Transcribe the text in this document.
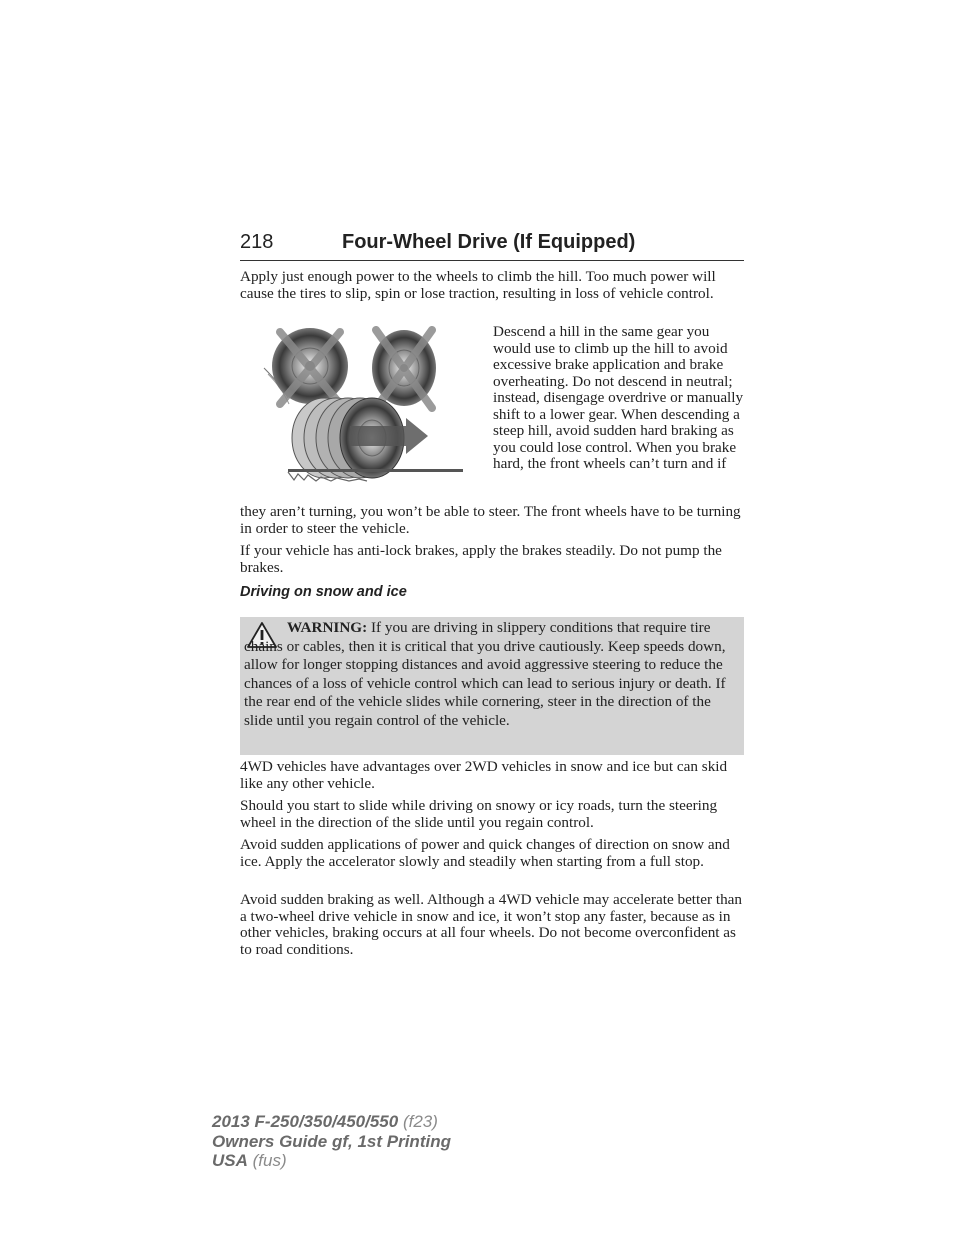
218	Four-Wheel Drive (If Equipped)

Apply just enough power to the wheels to climb the hill. Too much power will cause the tires to slip, spin or lose traction, resulting in loss of vehicle control.

Descend a hill in the same gear you would use to climb up the hill to avoid excessive brake application and brake overheating. Do not descend in neutral; instead, disengage overdrive or manually shift to a lower gear. When descending a steep hill, avoid sudden hard braking as you could lose control. When you brake hard, the front wheels can’t turn and if

they aren’t turning, you won’t be able to steer. The front wheels have to be turning in order to steer the vehicle.

If your vehicle has anti-lock brakes, apply the brakes steadily. Do not pump the brakes.

Driving on snow and ice

WARNING: If you are driving in slippery conditions that require tire chains or cables, then it is critical that you drive cautiously. Keep speeds down, allow for longer stopping distances and avoid aggressive steering to reduce the chances of a loss of vehicle control which can lead to serious injury or death. If the rear end of the vehicle slides while cornering, steer in the direction of the slide until you regain control of the vehicle.

4WD vehicles have advantages over 2WD vehicles in snow and ice but can skid like any other vehicle.

Should you start to slide while driving on snowy or icy roads, turn the steering wheel in the direction of the slide until you regain control.

Avoid sudden applications of power and quick changes of direction on snow and ice. Apply the accelerator slowly and steadily when starting from a full stop.

Avoid sudden braking as well. Although a 4WD vehicle may accelerate better than a two-wheel drive vehicle in snow and ice, it won’t stop any faster, because as in other vehicles, braking occurs at all four wheels. Do not become overconfident as to road conditions.

2013 F-250/350/450/550 (f23)
Owners Guide gf, 1st Printing
USA (fus)
